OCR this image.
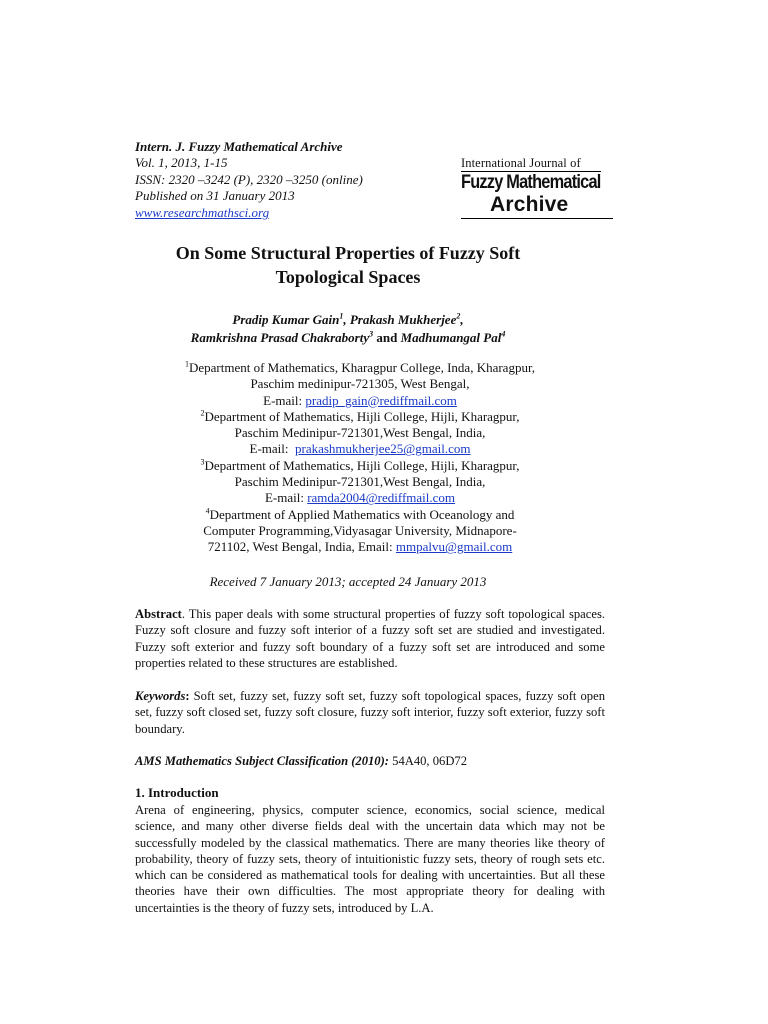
Intern. J. Fuzzy Mathematical Archive
Vol. 1, 2013, 1-15
ISSN: 2320 –3242 (P), 2320 –3250 (online)
Published on 31 January 2013
www.researchmathsci.org
International Journal of
Fuzzy Mathematical
Archive
On Some Structural Properties of Fuzzy Soft
Topological Spaces
Pradip Kumar Gain$^1$, Prakash Mukherjee$^2$,
Ramkrishna Prasad Chakraborty$^3$ and Madhumangal Pal$^4$
$^1$Department of Mathematics, Kharagpur College, Inda, Kharagpur,
Paschim medinipur-721305, West Bengal,
E-mail: pradip_gain@rediffmail.com
$^2$Department of Mathematics, Hijli College, Hijli, Kharagpur,
Paschim Medinipur-721301,West Bengal, India,
E-mail:  prakashmukherjee25@gmail.com
$^3$Department of Mathematics, Hijli College, Hijli, Kharagpur,
Paschim Medinipur-721301,West Bengal, India,
E-mail: ramda2004@rediffmail.com
$^4$Department of Applied Mathematics with Oceanology and
Computer Programming,Vidyasagar University, Midnapore-
721102, West Bengal, India, Email: mmpalvu@gmail.com
Received 7 January 2013; accepted 24 January 2013
Abstract. This paper deals with some structural properties of fuzzy soft topological spaces. Fuzzy soft closure and fuzzy soft interior of a fuzzy soft set are studied and investigated. Fuzzy soft exterior and fuzzy soft boundary of a fuzzy soft set are introduced and some properties related to these structures are established.
Keywords: Soft set, fuzzy set, fuzzy soft set, fuzzy soft topological spaces, fuzzy soft open set, fuzzy soft closed set, fuzzy soft closure, fuzzy soft interior, fuzzy soft exterior, fuzzy soft boundary.
AMS Mathematics Subject Classification (2010): 54A40, 06D72
1. Introduction
Arena of engineering, physics, computer science, economics, social science, medical science, and many other diverse fields deal with the uncertain data which may not be successfully modeled by the classical mathematics. There are many theories like theory of probability, theory of fuzzy sets, theory of intuitionistic fuzzy sets, theory of rough sets etc. which can be considered as mathematical tools for dealing with uncertainties. But all these theories have their own difficulties. The most appropriate theory for dealing with uncertainties is the theory of fuzzy sets, introduced by L.A.
